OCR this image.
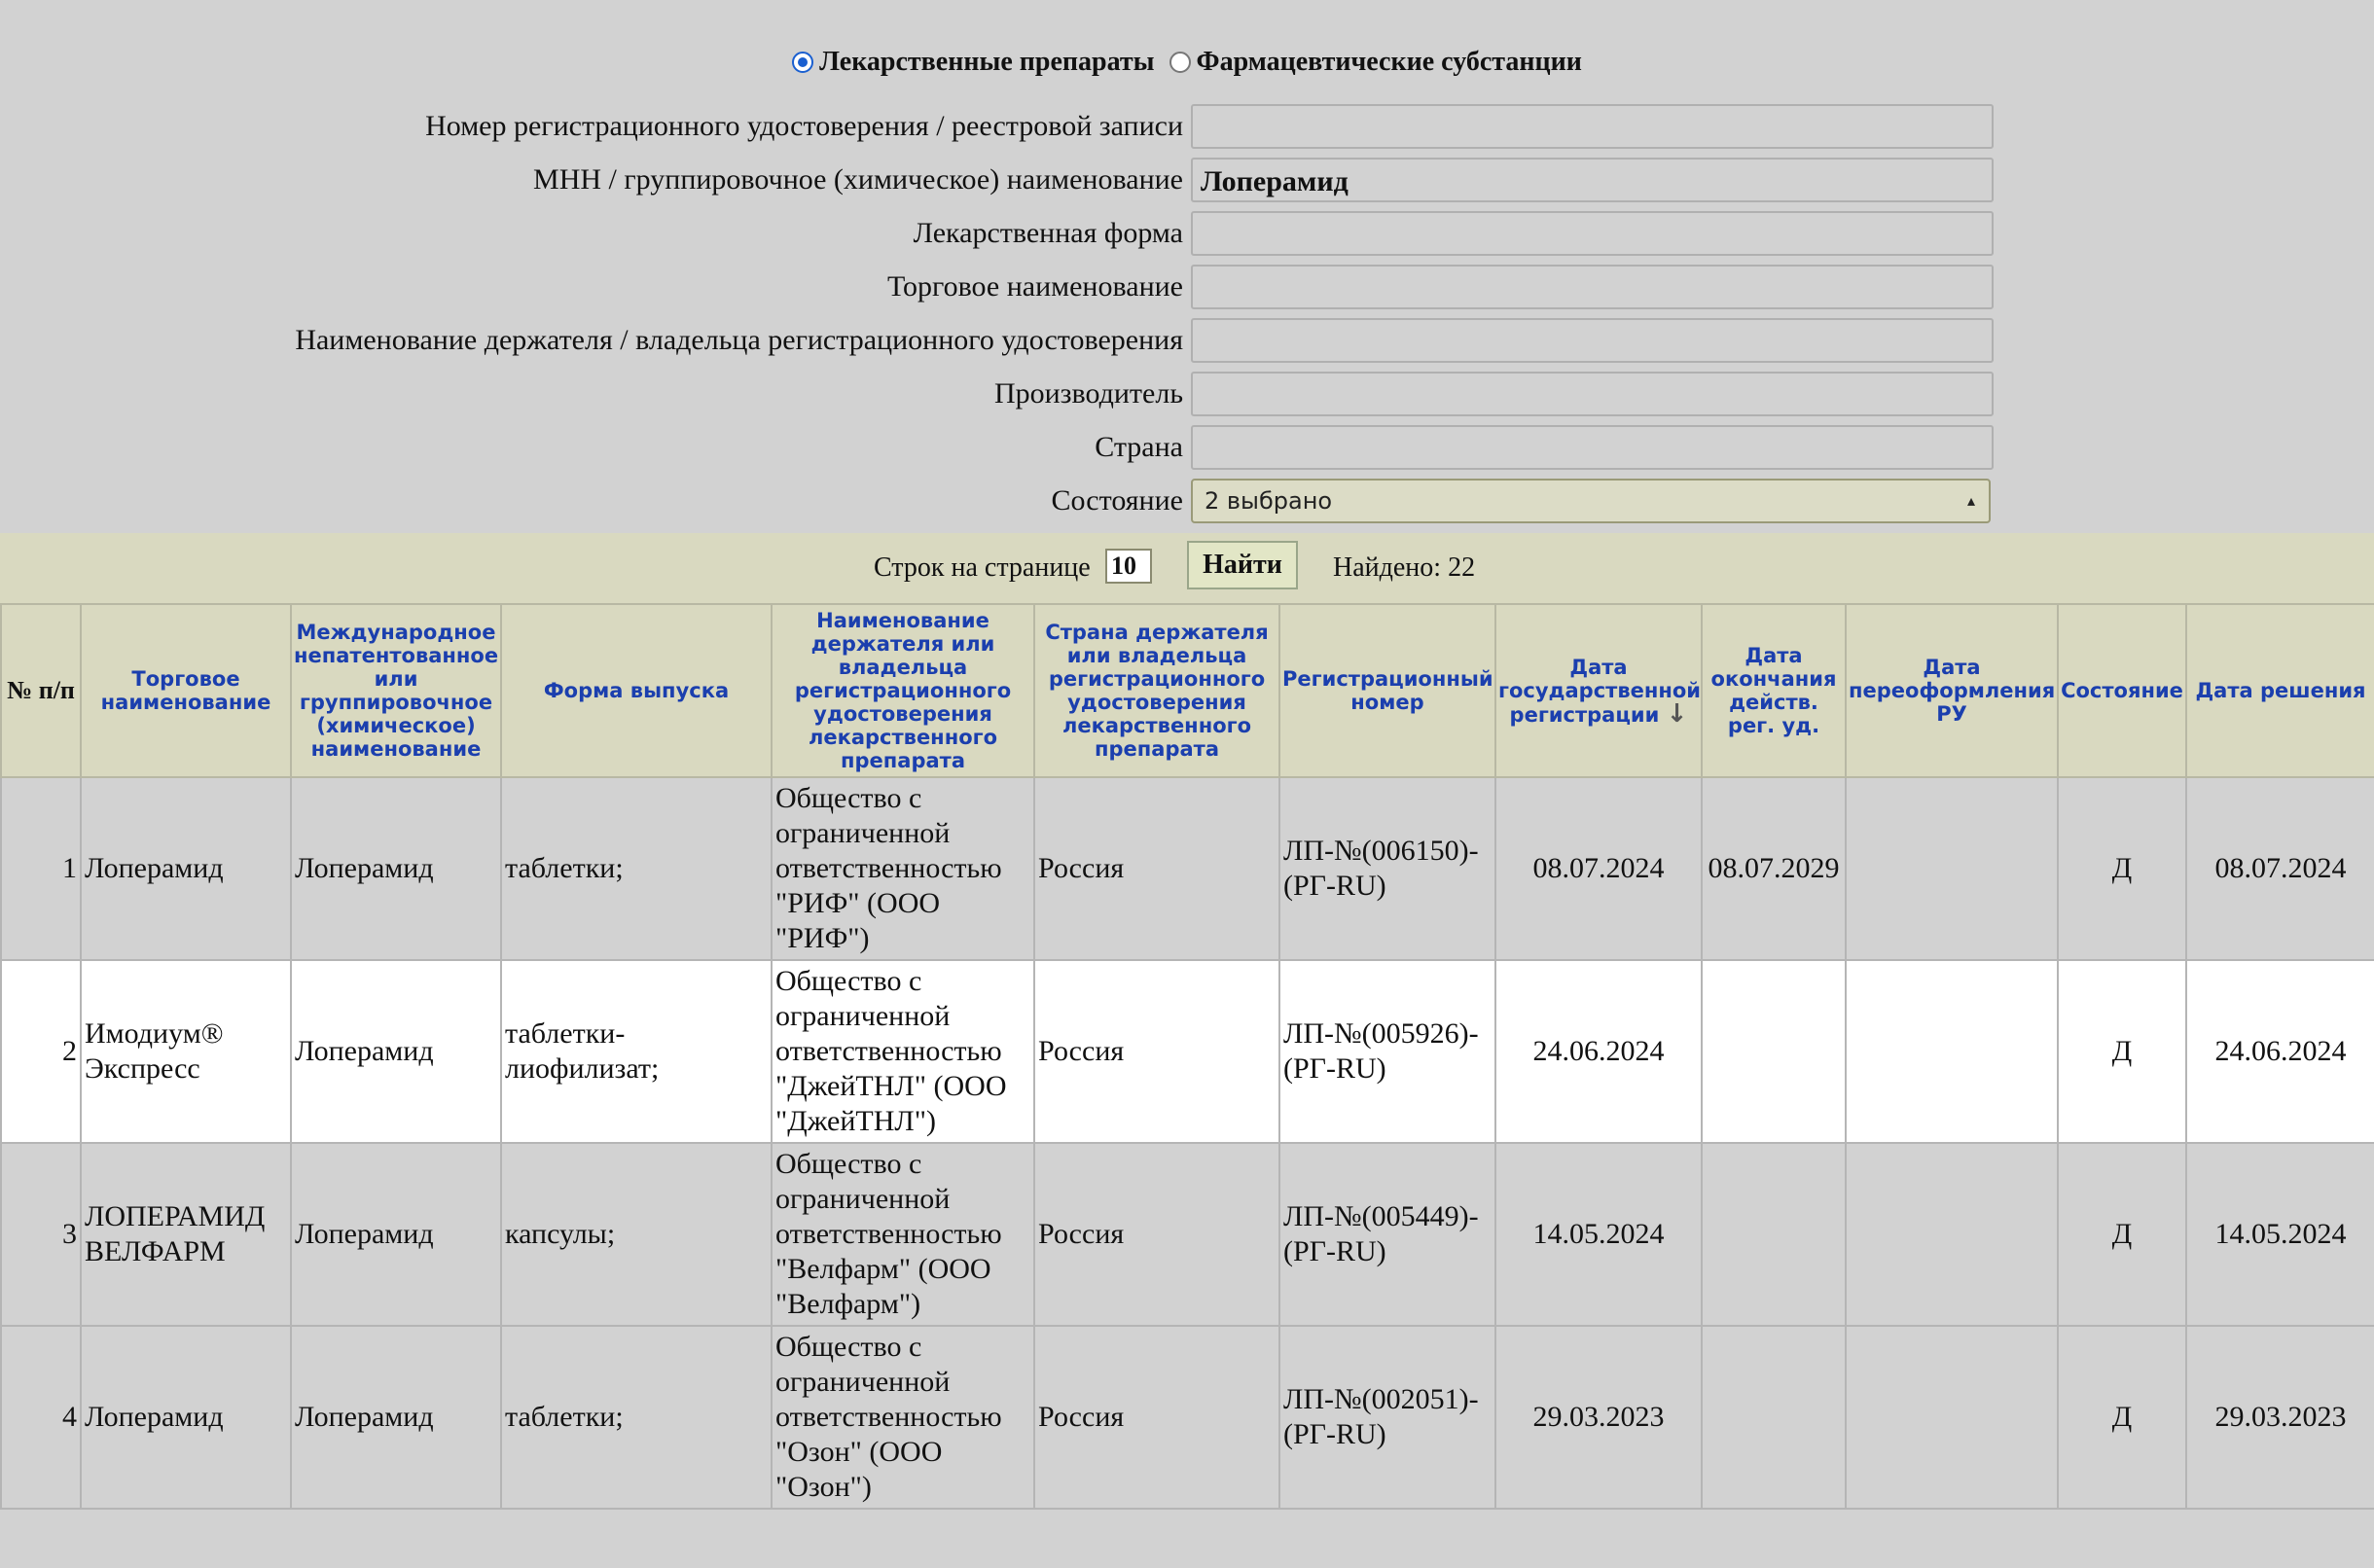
Лекарственные препараты
Фармацевтические субстанции
Номер регистрационного удостоверения / реестровой записи
МНН / группировочное (химическое) наименование Лоперамид
Лекарственная форма
Торговое наименование
Наименование держателя / владельца регистрационного удостоверения
Производитель
Страна
Состояние 2 выбрано	▴

Строк на странице 10	Найти	Найдено: 22
№ п/п	Торговое наименование	Международное непатентованное или группировочное (химическое) наименование	Форма выпуска	Наименование держателя или владельца регистрационного удостоверения лекарственного препарата	Страна держателя или владельца регистрационного удостоверения лекарственного препарата	Регистрационный номер	Дата государственной регистрации ↓	Дата окончания действ. рег. уд.	Дата переоформления РУ	Состояние	Дата решения
1	Лоперамид	Лоперамид	таблетки;	Общество с ограниченной ответственностью "РИФ" (ООО "РИФ")	Россия	ЛП-№(006150)-(РГ-RU)	08.07.2024	08.07.2029		Д	08.07.2024
2	Имодиум® Экспресс	Лоперамид	таблетки-лиофилизат;	Общество с ограниченной ответственностью "ДжейТНЛ" (ООО "ДжейТНЛ")	Россия	ЛП-№(005926)-(РГ-RU)	24.06.2024			Д	24.06.2024
3	ЛОПЕРАМИД ВЕЛФАРМ	Лоперамид	капсулы;	Общество с ограниченной ответственностью "Велфарм" (ООО "Велфарм")	Россия	ЛП-№(005449)-(РГ-RU)	14.05.2024			Д	14.05.2024
4	Лоперамид	Лоперамид	таблетки;	Общество с ограниченной ответственностью "Озон" (ООО "Озон")	Россия	ЛП-№(002051)-(РГ-RU)	29.03.2023			Д	29.03.2023
